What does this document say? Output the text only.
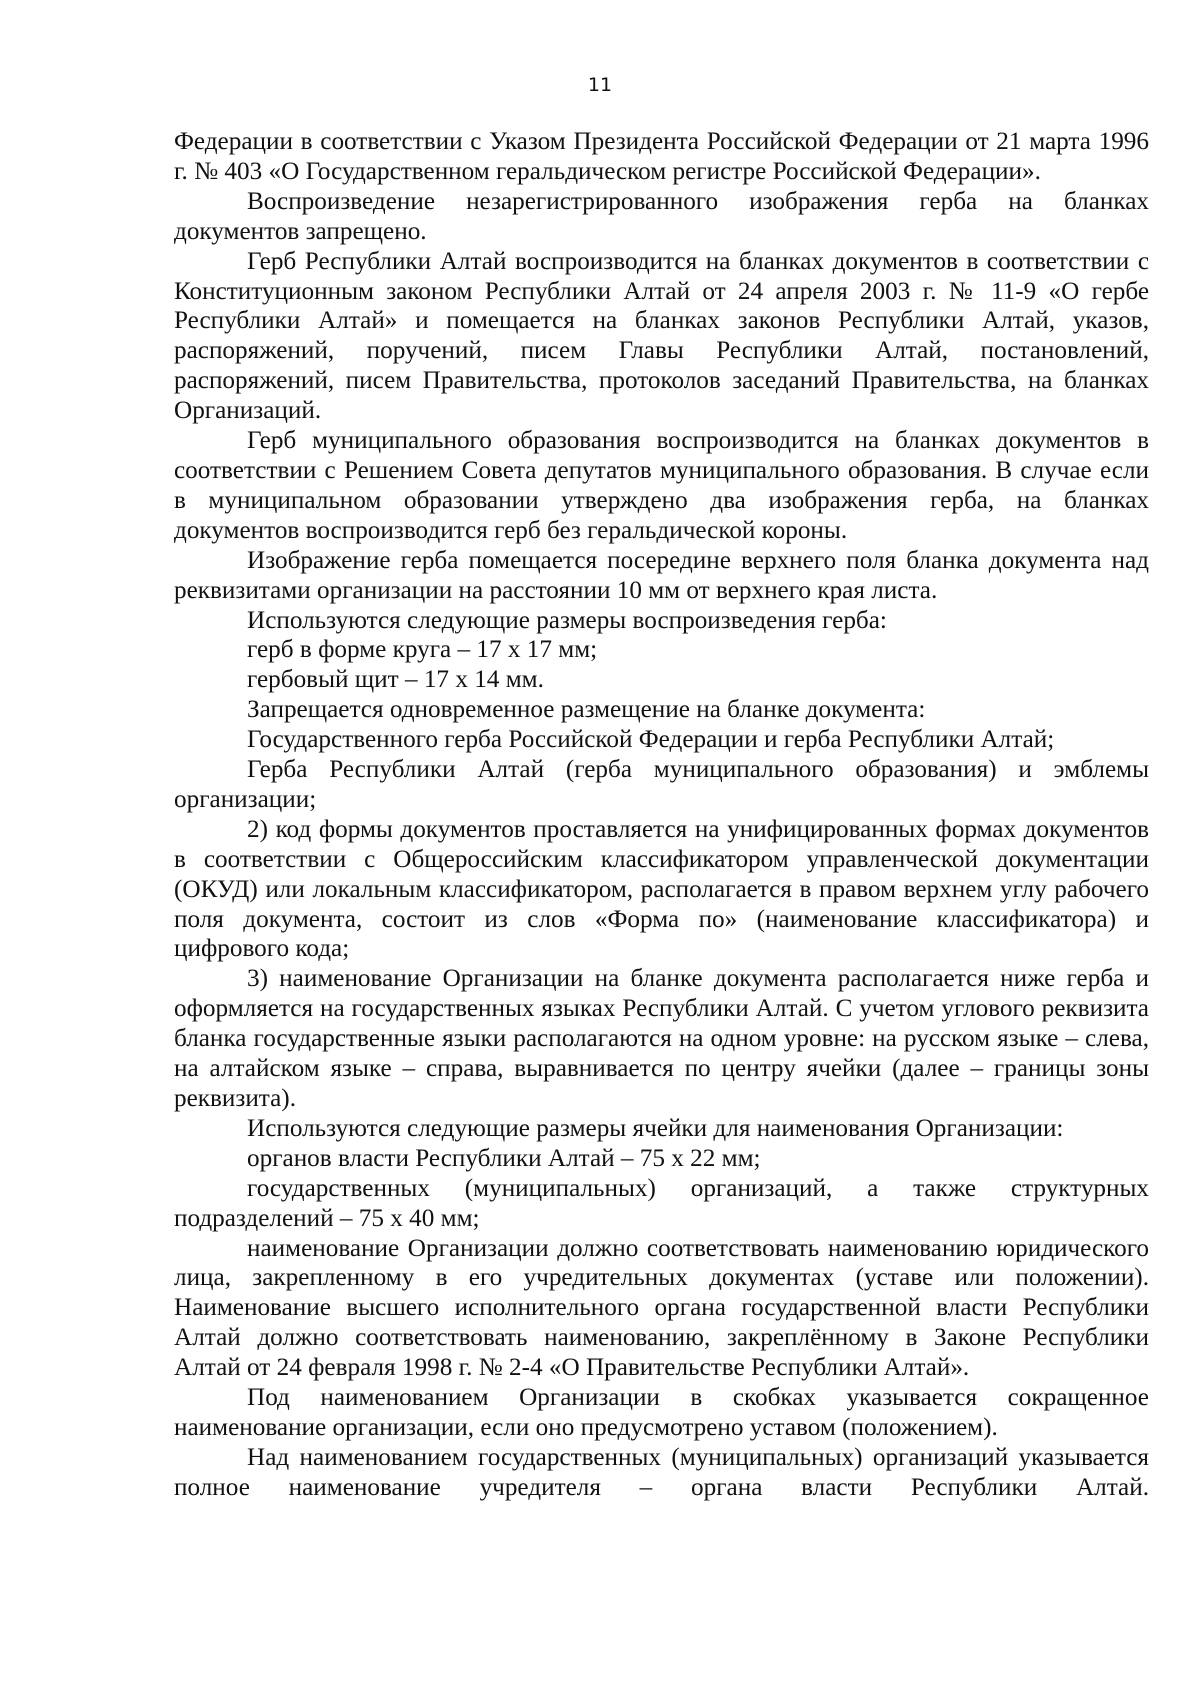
11

Федерации в соответствии с Указом Президента Российской Федерации от 21 марта 1996 г. № 403 «О Государственном геральдическом регистре Российской Федерации».

Воспроизведение незарегистрированного изображения герба на бланках документов запрещено.

Герб Республики Алтай воспроизводится на бланках документов в соответствии с Конституционным законом Республики Алтай от 24 апреля 2003 г. № 11-9 «О гербе Республики Алтай» и помещается на бланках законов Республики Алтай, указов, распоряжений, поручений, писем Главы Республики Алтай, постановлений, распоряжений, писем Правительства, протоколов заседаний Правительства, на бланках Организаций.

Герб муниципального образования воспроизводится на бланках документов в соответствии с Решением Совета депутатов муниципального образования. В случае если в муниципальном образовании утверждено два изображения герба, на бланках документов воспроизводится герб без геральдической короны.

Изображение герба помещается посередине верхнего поля бланка документа над реквизитами организации на расстоянии 10 мм от верхнего края листа.

Используются следующие размеры воспроизведения герба:

герб в форме круга – 17 х 17 мм;

гербовый щит – 17 х 14 мм.

Запрещается одновременное размещение на бланке документа:

Государственного герба Российской Федерации и герба Республики Алтай;

Герба Республики Алтай (герба муниципального образования) и эмблемы организации;

2) код формы документов проставляется на унифицированных формах документов в соответствии с Общероссийским классификатором управленческой документации (ОКУД) или локальным классификатором, располагается в правом верхнем углу рабочего поля документа, состоит из слов «Форма по» (наименование классификатора) и цифрового кода;

3) наименование Организации на бланке документа располагается ниже герба и оформляется на государственных языках Республики Алтай. С учетом углового реквизита бланка государственные языки располагаются на одном уровне: на русском языке – слева, на алтайском языке – справа, выравнивается по центру ячейки (далее – границы зоны реквизита).

Используются следующие размеры ячейки для наименования Организации:

органов власти Республики Алтай – 75 х 22 мм;

государственных (муниципальных) организаций, а также структурных подразделений – 75 х 40 мм;

наименование Организации должно соответствовать наименованию юридического лица, закрепленному в его учредительных документах (уставе или положении). Наименование высшего исполнительного органа государственной власти Республики Алтай должно соответствовать наименованию, закреплённому в Законе Республики Алтай от 24 февраля 1998 г. № 2-4 «О Правительстве Республики Алтай».

Под наименованием Организации в скобках указывается сокращенное наименование организации, если оно предусмотрено уставом (положением).

Над наименованием государственных (муниципальных) организаций указывается полное наименование учредителя – органа власти Республики Алтай.
